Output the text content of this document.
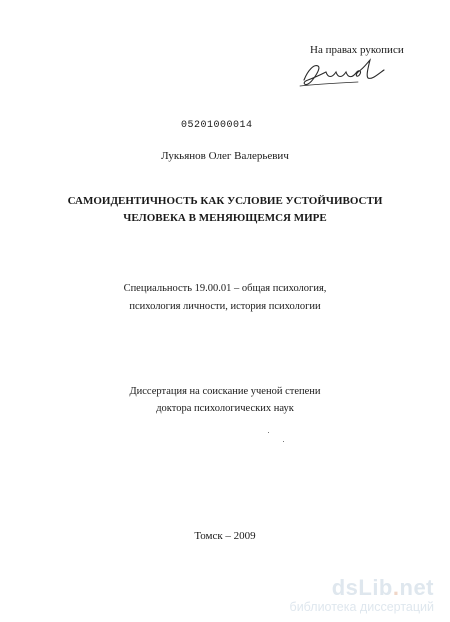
На правах рукописи
05201000014
Лукьянов Олег Валерьевич
САМОИДЕНТИЧНОСТЬ КАК УСЛОВИЕ УСТОЙЧИВОСТИ
ЧЕЛОВЕКА В МЕНЯЮЩЕМСЯ МИРЕ
Специальность 19.00.01 – общая психология,
психология личности, история психологии
Диссертация на соискание ученой степени
доктора психологических наук
Томск – 2009
dsLib.net
библиотека диссертаций
